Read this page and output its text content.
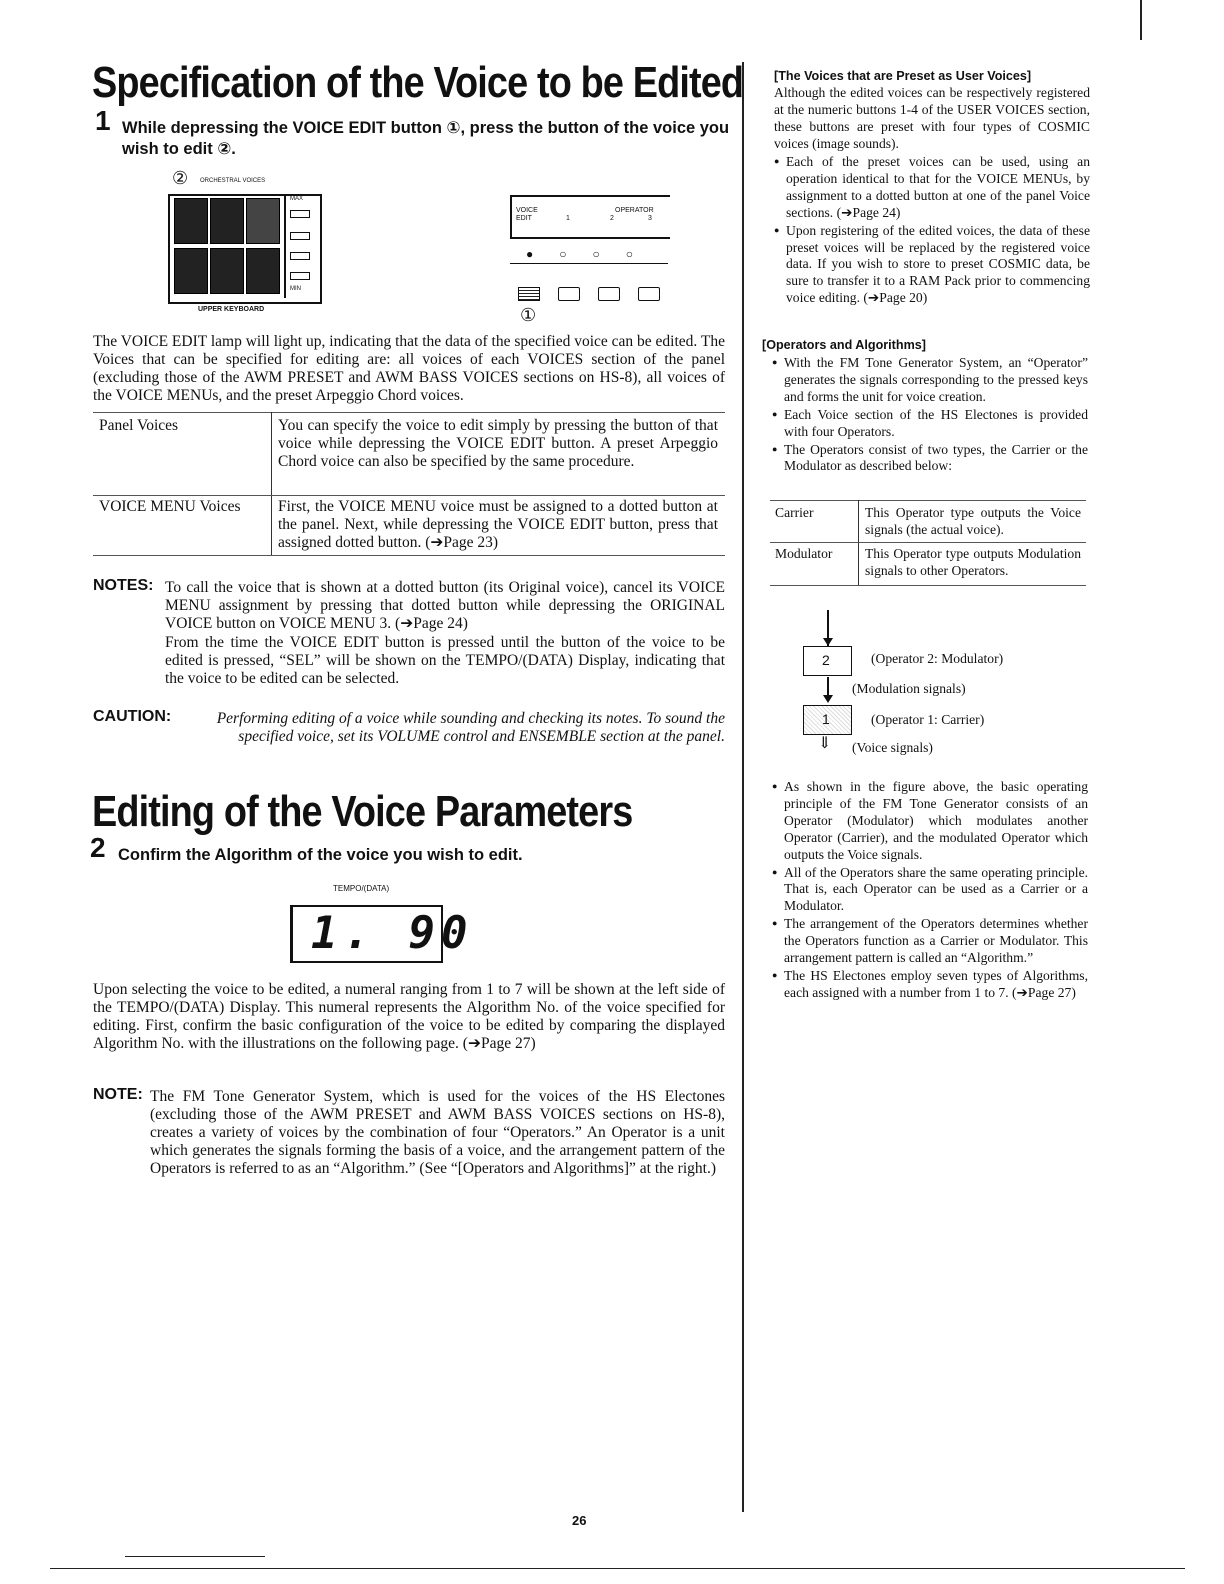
Specification of the Voice to be Edited
1 While depressing the VOICE EDIT button ①, press the button of the voice you wish to edit ②.
② ORCHESTRAL VOICES
MAX
MIN
UPPER KEYBOARD
VOICE
EDIT
OPERATOR
1	2	3
●○○○
①
The VOICE EDIT lamp will light up, indicating that the data of the specified voice can be edited. The Voices that can be specified for editing are: all voices of each VOICES section of the panel (excluding those of the AWM PRESET and AWM BASS VOICES sections on HS-8), all voices of the VOICE MENUs, and the preset Arpeggio Chord voices.
Panel Voices	You can specify the voice to edit simply by pressing the button of that voice while depressing the VOICE EDIT button. A preset Arpeggio Chord voice can also be specified by the same procedure.
VOICE MENU Voices	First, the VOICE MENU voice must be assigned to a dotted button at the panel. Next, while depressing the VOICE EDIT button, press that assigned dotted button. (➔Page 23)
NOTES: To call the voice that is shown at a dotted button (its Original voice), cancel its VOICE MENU assignment by pressing that dotted button while depressing the ORIGINAL VOICE button on VOICE MENU 3. (➔Page 24)
From the time the VOICE EDIT button is pressed until the button of the voice to be edited is pressed, “SEL” will be shown on the TEMPO/(DATA) Display, indicating that the voice to be edited can be selected.
CAUTION:	Performing editing of a voice while sounding and checking its notes. To sound the specified voice, set its VOLUME control and ENSEMBLE section at the panel.
Editing of the Voice Parameters
2 Confirm the Algorithm of the voice you wish to edit.
TEMPO/(DATA)
1. 90
Upon selecting the voice to be edited, a numeral ranging from 1 to 7 will be shown at the left side of the TEMPO/(DATA) Display. This numeral represents the Algorithm No. of the voice specified for editing. First, confirm the basic configuration of the voice to be edited by comparing the displayed Algorithm No. with the illustrations on the following page. (➔Page 27)
NOTE: The FM Tone Generator System, which is used for the voices of the HS Electones (excluding those of the AWM PRESET and AWM BASS VOICES sections on HS-8), creates a variety of voices by the combination of four “Operators.” An Operator is a unit which generates the signals forming the basis of a voice, and the arrangement pattern of the Operators is referred to as an “Algorithm.” (See “[Operators and Algorithms]” at the right.)
[The Voices that are Preset as User Voices]
Although the edited voices can be respectively registered at the numeric buttons 1-4 of the USER VOICES section, these buttons are preset with four types of COSMIC voices (image sounds).
● Each of the preset voices can be used, using an operation identical to that for the VOICE MENUs, by assignment to a dotted button at one of the panel Voice sections. (➔Page 24)
● Upon registering of the edited voices, the data of these preset voices will be replaced by the registered voice data. If you wish to store to preset COSMIC data, be sure to transfer it to a RAM Pack prior to commencing voice editing. (➔Page 20)
[Operators and Algorithms]
● With the FM Tone Generator System, an “Operator” generates the signals corresponding to the pressed keys and forms the unit for voice creation.
● Each Voice section of the HS Electones is provided with four Operators.
● The Operators consist of two types, the Carrier or the Modulator as described below:
Carrier	This Operator type outputs the Voice signals (the actual voice).
Modulator This Operator type outputs Modulation signals to other Operators.
2	(Operator 2: Modulator)
(Modulation signals)
1	(Operator 1: Carrier)
⇓ (Voice signals)
● As shown in the figure above, the basic operating principle of the FM Tone Generator consists of an Operator (Modulator) which modulates another Operator (Carrier), and the modulated Operator which outputs the Voice signals.
● All of the Operators share the same operating principle. That is, each Operator can be used as a Carrier or a Modulator.
● The arrangement of the Operators determines whether the Operators function as a Carrier or Modulator. This arrangement pattern is called an “Algorithm.”
● The HS Electones employ seven types of Algorithms, each assigned with a number from 1 to 7. (➔Page 27)
26
